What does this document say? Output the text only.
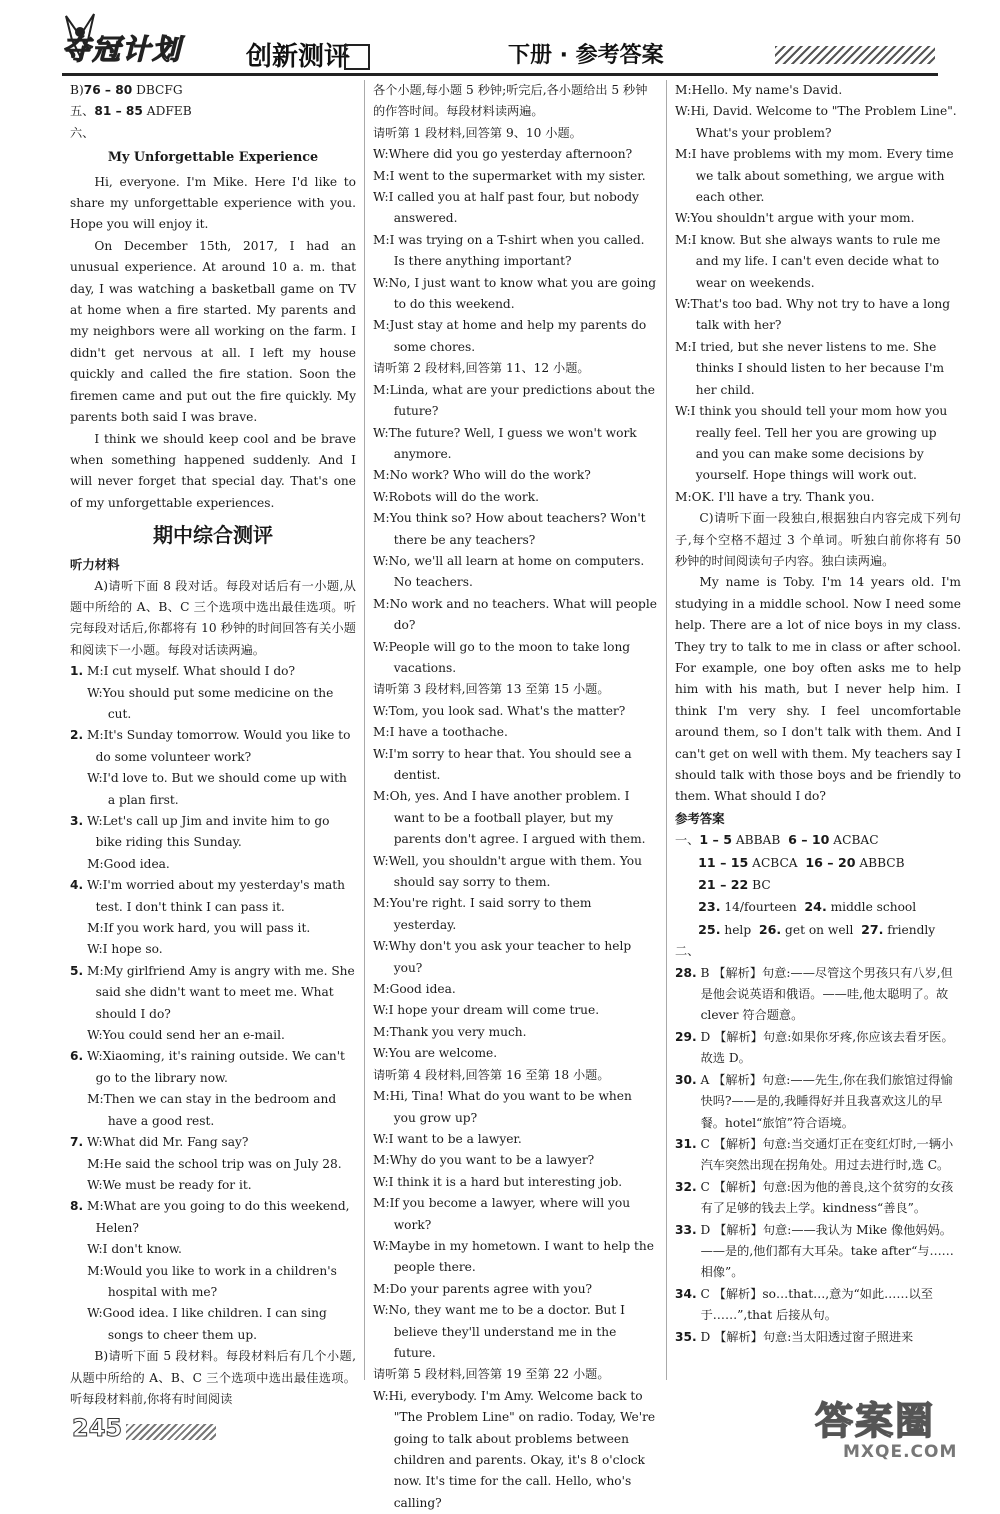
夺冠计划	创新测评	下册 · 参考答案
B)76 – 80 DBCFG
五、81 – 85 ADFEB
六、
My Unforgettable Experience
Hi, everyone. I'm Mike. Here I'd like to share my unforgettable experience with you. Hope you will enjoy it.
On December 15th, 2017, I had an unusual experience. At around 10 a. m. that day, I was watching a basketball game on TV at home when a fire started. My parents and my neighbors were all working on the farm. I didn't get nervous at all. I left my house quickly and called the fire station. Soon the firemen came and put out the fire quickly. My parents both said I was brave.
I think we should keep cool and be brave when something happened suddenly. And I will never forget that special day. That's one of my unforgettable experiences.
期中综合测评
听力材料
A)请听下面 8 段对话。每段对话后有一小题,从题中所给的 A、B、C 三个选项中选出最佳选项。听完每段对话后,你都将有 10 秒钟的时间回答有关小题和阅读下一小题。每段对话读两遍。
1. M:I cut myself. What should I do?
W:You should put some medicine on the cut.
2. M:It's Sunday tomorrow. Would you like to do some volunteer work?
W:I'd love to. But we should come up with a plan first.
3. W:Let's call up Jim and invite him to go bike riding this Sunday.
M:Good idea.
4. W:I'm worried about my yesterday's math test. I don't think I can pass it.
M:If you work hard, you will pass it.
W:I hope so.
5. M:My girlfriend Amy is angry with me. She said she didn't want to meet me. What should I do?
W:You could send her an e-mail.
6. W:Xiaoming, it's raining outside. We can't go to the library now.
M:Then we can stay in the bedroom and have a good rest.
7. W:What did Mr. Fang say?
M:He said the school trip was on July 28.
W:We must be ready for it.
8. M:What are you going to do this weekend, Helen?
W:I don't know.
M:Would you like to work in a children's hospital with me?
W:Good idea. I like children. I can sing songs to cheer them up.
B)请听下面 5 段材料。每段材料后有几个小题,从题中所给的 A、B、C 三个选项中选出最佳选项。听每段材料前,你将有时间阅读
各个小题,每小题 5 秒钟;听完后,各小题给出 5 秒钟的作答时间。每段材料读两遍。
请听第 1 段材料,回答第 9、10 小题。
W:Where did you go yesterday afternoon?
M:I went to the supermarket with my sister.
W:I called you at half past four, but nobody answered.
M:I was trying on a T-shirt when you called. Is there anything important?
W:No, I just want to know what you are going to do this weekend.
M:Just stay at home and help my parents do some chores.
请听第 2 段材料,回答第 11、12 小题。
M:Linda, what are your predictions about the future?
W:The future? Well, I guess we won't work anymore.
M:No work? Who will do the work?
W:Robots will do the work.
M:You think so? How about teachers? Won't there be any teachers?
W:No, we'll all learn at home on computers. No teachers.
M:No work and no teachers. What will people do?
W:People will go to the moon to take long vacations.
请听第 3 段材料,回答第 13 至第 15 小题。
W:Tom, you look sad. What's the matter?
M:I have a toothache.
W:I'm sorry to hear that. You should see a dentist.
M:Oh, yes. And I have another problem. I want to be a football player, but my parents don't agree. I argued with them.
W:Well, you shouldn't argue with them. You should say sorry to them.
M:You're right. I said sorry to them yesterday.
W:Why don't you ask your teacher to help you?
M:Good idea.
W:I hope your dream will come true.
M:Thank you very much.
W:You are welcome.
请听第 4 段材料,回答第 16 至第 18 小题。
M:Hi, Tina! What do you want to be when you grow up?
W:I want to be a lawyer.
M:Why do you want to be a lawyer?
W:I think it is a hard but interesting job.
M:If you become a lawyer, where will you work?
W:Maybe in my hometown. I want to help the people there.
M:Do your parents agree with you?
W:No, they want me to be a doctor. But I believe they'll understand me in the future.
请听第 5 段材料,回答第 19 至第 22 小题。
W:Hi, everybody. I'm Amy. Welcome back to "The Problem Line" on radio. Today, We're going to talk about problems between children and parents. Okay, it's 8 o'clock now. It's time for the call. Hello, who's calling?
M:Hello. My name's David.
W:Hi, David. Welcome to "The Problem Line". What's your problem?
M:I have problems with my mom. Every time we talk about something, we argue with each other.
W:You shouldn't argue with your mom.
M:I know. But she always wants to rule me and my life. I can't even decide what to wear on weekends.
W:That's too bad. Why not try to have a long talk with her?
M:I tried, but she never listens to me. She thinks I should listen to her because I'm her child.
W:I think you should tell your mom how you really feel. Tell her you are growing up and you can make some decisions by yourself. Hope things will work out.
M:OK. I'll have a try. Thank you.
C)请听下面一段独白,根据独白内容完成下列句子,每个空格不超过 3 个单词。听独白前你将有 50 秒钟的时间阅读句子内容。独白读两遍。
My name is Toby. I'm 14 years old. I'm studying in a middle school. Now I need some help. There are a lot of nice boys in my class. They try to talk to me in class or after school. For example, one boy often asks me to help him with his math, but I never help him. I think I'm very shy. I feel uncomfortable around them, so I don't talk with them. And I can't get on well with them. My teachers say I should talk with those boys and be friendly to them. What should I do?
参考答案
一、1 – 5 ABBAB 6 – 10 ACBAC
11 – 15 ACBCA 16 – 20 ABBCB
21 – 22 BC
23. 14/fourteen 24. middle school
25. help 26. get on well 27. friendly
二、
28. B 【解析】句意:——尽管这个男孩只有八岁,但是他会说英语和俄语。——哇,他太聪明了。故 clever 符合题意。
29. D 【解析】句意:如果你牙疼,你应该去看牙医。故选 D。
30. A 【解析】句意:——先生,你在我们旅馆过得愉快吗?——是的,我睡得好并且我喜欢这儿的早餐。hotel“旅馆”符合语境。
31. C 【解析】句意:当交通灯正在变红灯时,一辆小汽车突然出现在拐角处。用过去进行时,选 C。
32. C 【解析】句意:因为他的善良,这个贫穷的女孩有了足够的钱去上学。kindness“善良”。
33. D 【解析】句意:——我认为 Mike 像他妈妈。——是的,他们都有大耳朵。take after“与……相像”。
34. C 【解析】so…that…,意为“如此……以至于……”,that 后接从句。
35. D 【解析】句意:当太阳透过窗子照进来
245	答案圈
MXQE.COM
